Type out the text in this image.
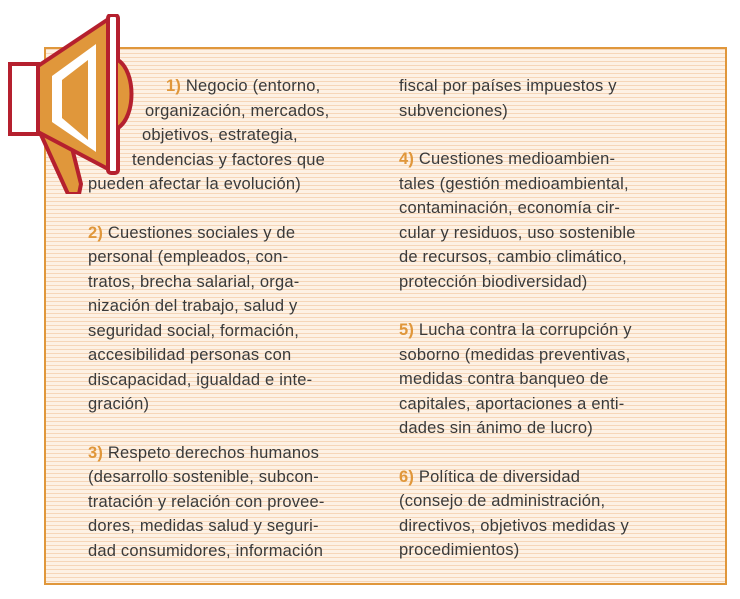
1) Negocio (entorno,
organización, mercados,
objetivos, estrategia,
tendencias y factores que
pueden afectar la evolución)
2) Cuestiones sociales y de
personal (empleados, con-
tratos, brecha salarial, orga-
nización del trabajo, salud y
seguridad social, formación,
accesibilidad personas con
discapacidad, igualdad e inte-
gración)
3) Respeto derechos humanos
(desarrollo sostenible, subcon-
tratación y relación con provee-
dores, medidas salud y seguri-
dad consumidores, información
fiscal por países impuestos y
subvenciones)
4) Cuestiones medioambien-
tales (gestión medioambiental,
contaminación, economía cir-
cular y residuos, uso sostenible
de recursos, cambio climático,
protección biodiversidad)
5) Lucha contra la corrupción y
soborno (medidas preventivas,
medidas contra banqueo de
capitales, aportaciones a enti-
dades sin ánimo de lucro)
6) Política de diversidad
(consejo de administración,
directivos, objetivos medidas y
procedimientos)
